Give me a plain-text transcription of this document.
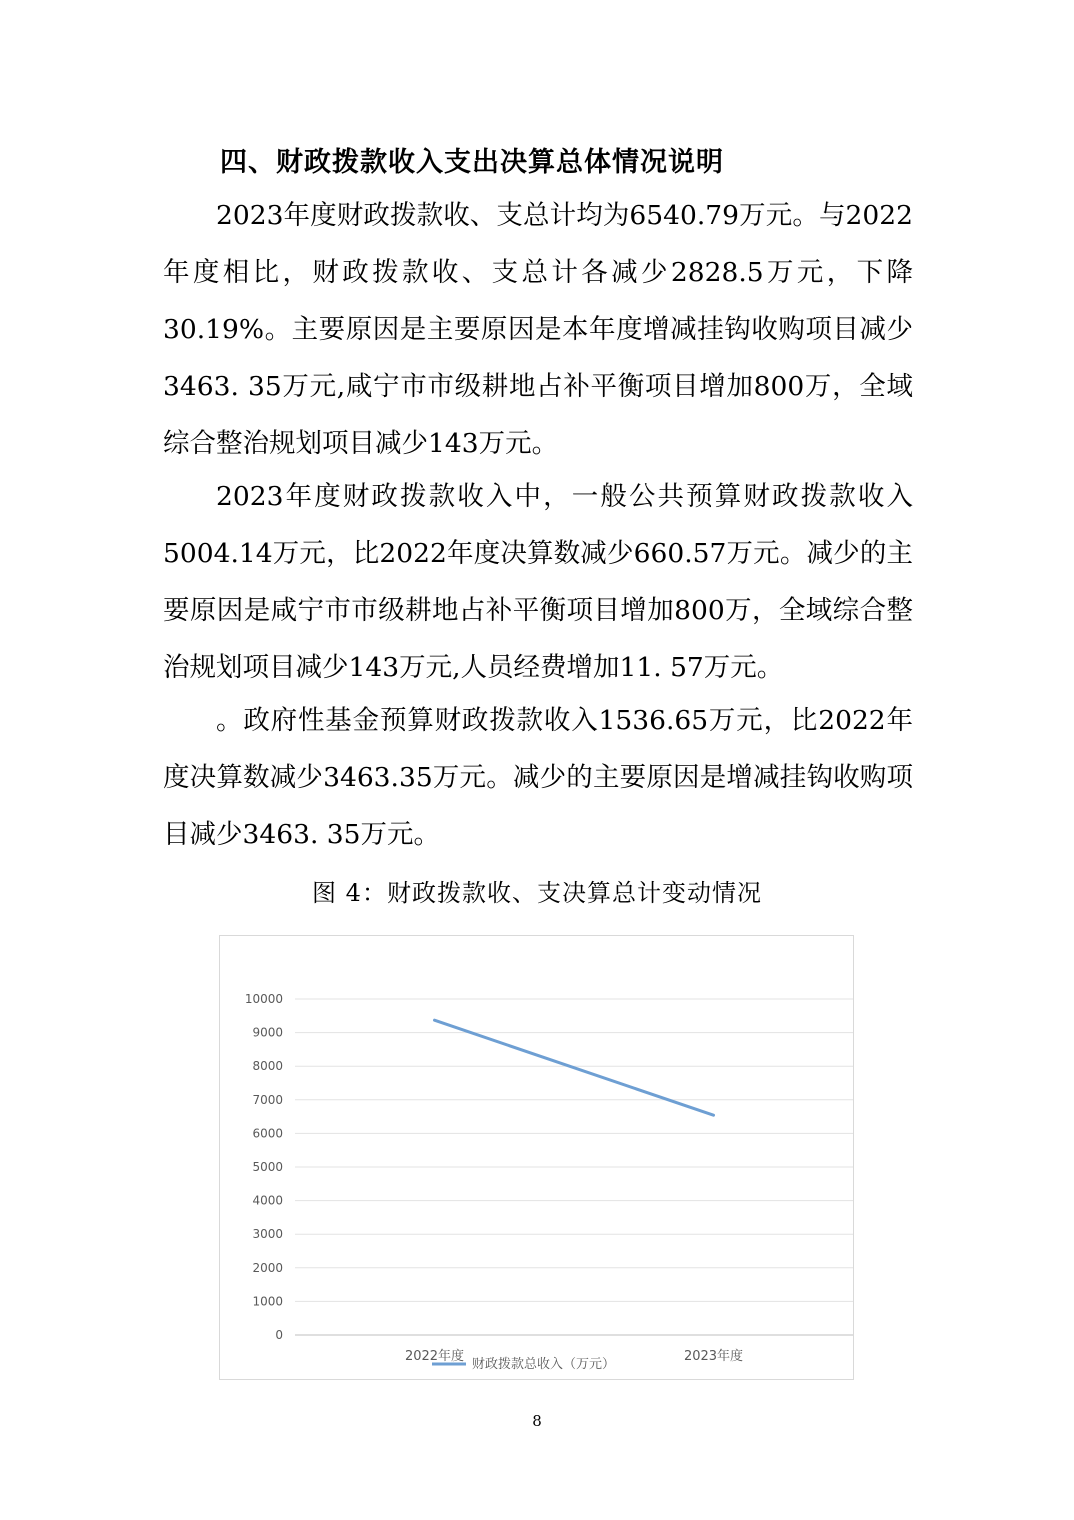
四、财政拨款收入支出决算总体情况说明

2023年度财政拨款收、支总计均为6540.79万元。与2022年度相比，财政拨款收、支总计各减少2828.5万元，下降30.19%。主要原因是主要原因是本年度增减挂钩收购项目减少3463. 35万元,咸宁市市级耕地占补平衡项目增加800万，全域综合整治规划项目减少143万元。

2023年度财政拨款收入中，一般公共预算财政拨款收入5004.14万元，比2022年度决算数减少660.57万元。减少的主要原因是咸宁市市级耕地占补平衡项目增加800万，全域综合整治规划项目减少143万元,人员经费增加11. 57万元。

。政府性基金预算财政拨款收入1536.65万元，比2022年度决算数减少3463.35万元。减少的主要原因是增减挂钩收购项目减少3463. 35万元。

图 4：财政拨款收、支决算总计变动情况
0
1000
2000
3000
4000
5000
6000
7000
8000
9000
10000
2022年度	2023年度
财政拨款总收入（万元）
8
